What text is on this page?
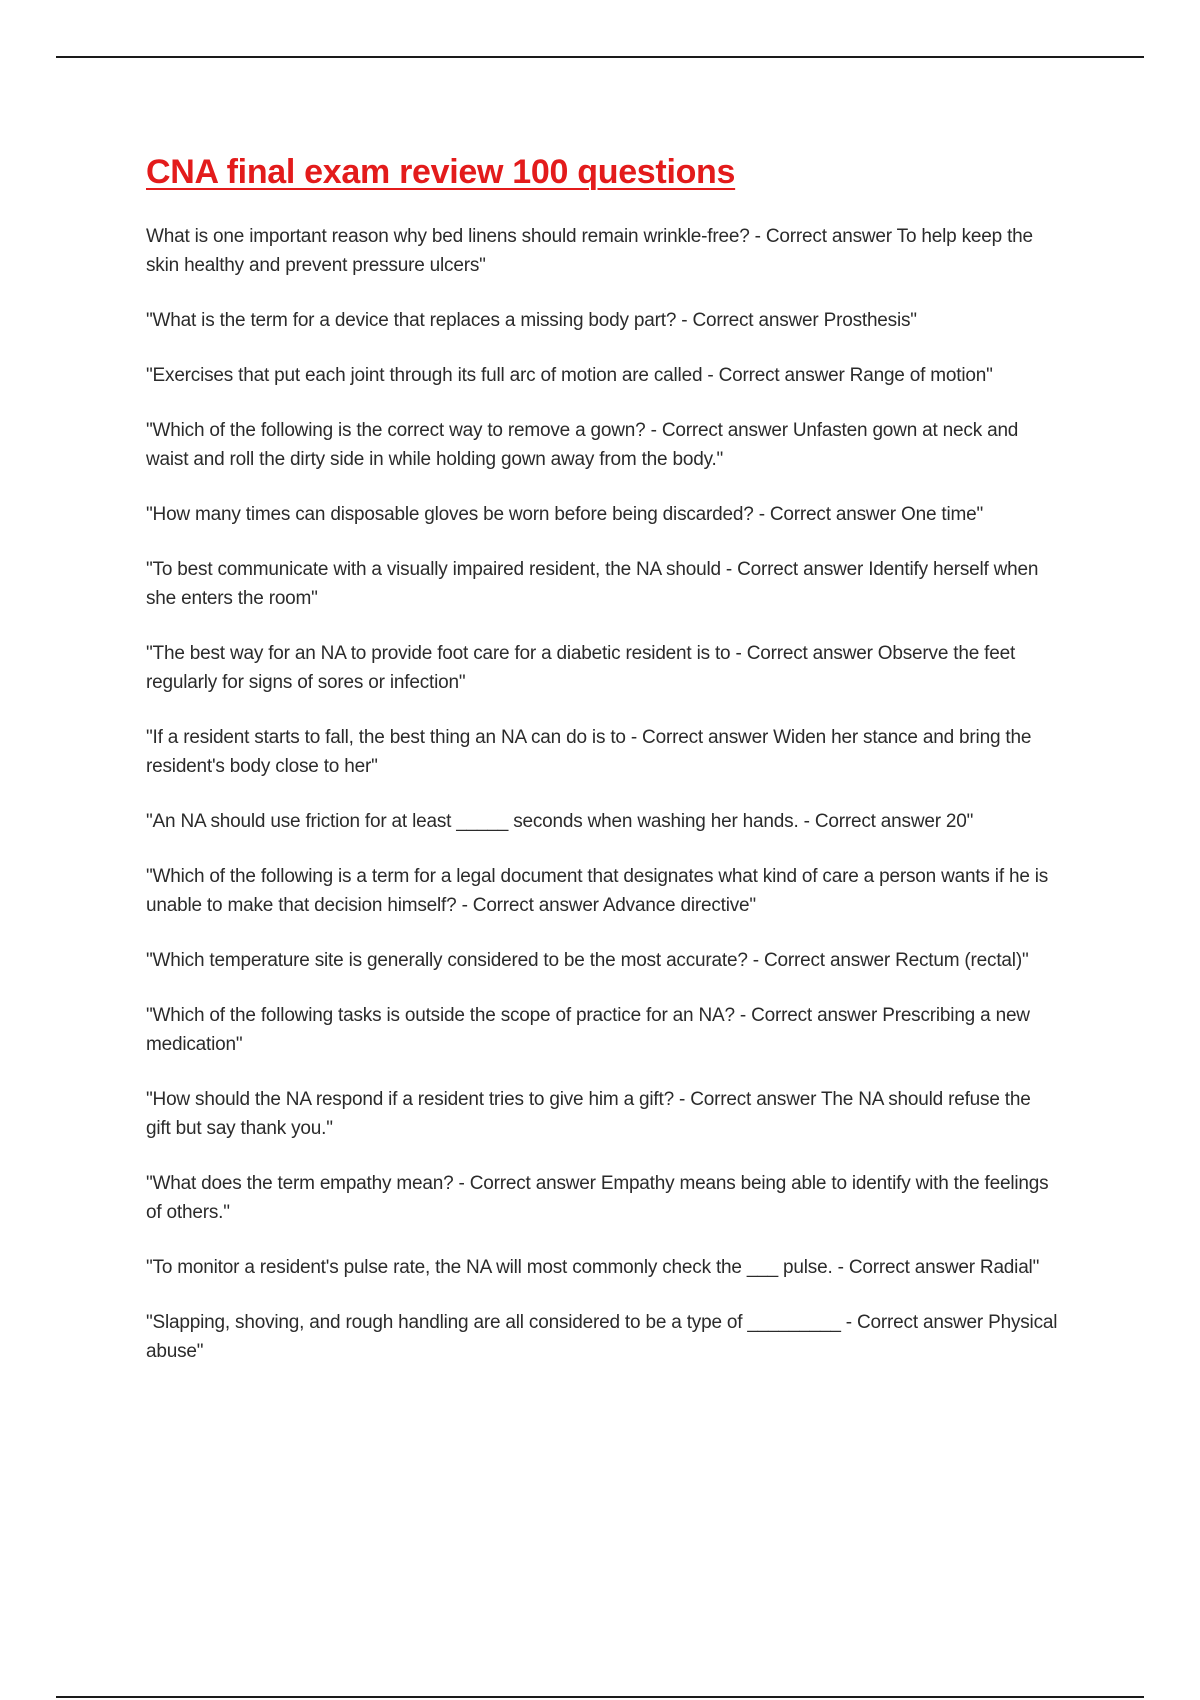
CNA final exam review 100 questions
What is one important reason why bed linens should remain wrinkle-free? - Correct answer To help keep the skin healthy and prevent pressure ulcers"
"What is the term for a device that replaces a missing body part? - Correct answer Prosthesis"
"Exercises that put each joint through its full arc of motion are called - Correct answer Range of motion"
"Which of the following is the correct way to remove a gown? - Correct answer Unfasten gown at neck and waist and roll the dirty side in while holding gown away from the body."
"How many times can disposable gloves be worn before being discarded? - Correct answer One time"
"To best communicate with a visually impaired resident, the NA should - Correct answer Identify herself when she enters the room"
"The best way for an NA to provide foot care for a diabetic resident is to - Correct answer Observe the feet regularly for signs of sores or infection"
"If a resident starts to fall, the best thing an NA can do is to - Correct answer Widen her stance and bring the resident's body close to her"
"An NA should use friction for at least _____ seconds when washing her hands. - Correct answer 20"
"Which of the following is a term for a legal document that designates what kind of care a person wants if he is unable to make that decision himself? - Correct answer Advance directive"
"Which temperature site is generally considered to be the most accurate? - Correct answer Rectum (rectal)"
"Which of the following tasks is outside the scope of practice for an NA? - Correct answer Prescribing a new medication"
"How should the NA respond if a resident tries to give him a gift? - Correct answer The NA should refuse the gift but say thank you."
"What does the term empathy mean? - Correct answer Empathy means being able to identify with the feelings of others."
"To monitor a resident's pulse rate, the NA will most commonly check the ___ pulse. - Correct answer Radial"
"Slapping, shoving, and rough handling are all considered to be a type of _________ - Correct answer Physical abuse"
